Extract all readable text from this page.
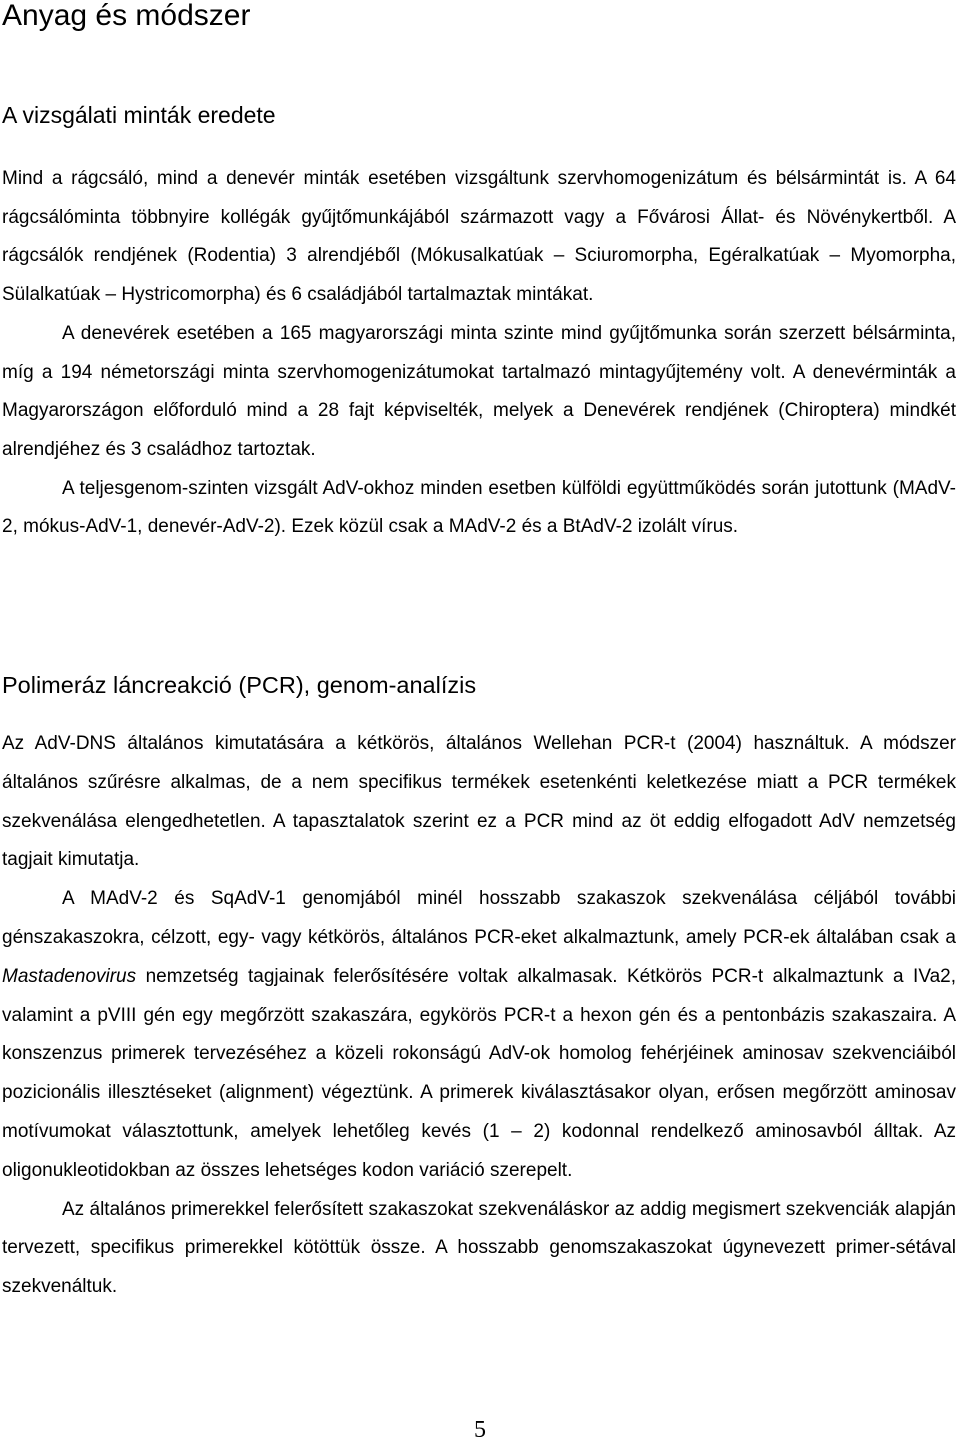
Anyag és módszer
A vizsgálati minták eredete

Mind a rágcsáló, mind a denevér minták esetében vizsgáltunk szervhomogenizátum és bélsármintát is. A 64 rágcsálóminta többnyire kollégák gyűjtőmunkájából származott vagy a Fővárosi Állat- és Növénykertből. A rágcsálók rendjének (Rodentia) 3 alrendjéből (Mókusalkatúak – Sciuromorpha, Egéralkatúak – Myomorpha, Sülalkatúak – Hystricomorpha) és 6 családjából tartalmaztak mintákat.

A denevérek esetében a 165 magyarországi minta szinte mind gyűjtőmunka során szerzett bélsárminta, míg a 194 németországi minta szervhomogenizátumokat tartalmazó mintagyűjtemény volt. A denevérminták a Magyarországon előforduló mind a 28 fajt képviselték, melyek a Denevérek rendjének (Chiroptera) mindkét alrendjéhez és 3 családhoz tartoztak.

A teljesgenom-szinten vizsgált AdV-okhoz minden esetben külföldi együttműködés során jutottunk (MAdV-2, mókus-AdV-1, denevér-AdV-2). Ezek közül csak a MAdV-2 és a BtAdV-2 izolált vírus.

Polimeráz láncreakció (PCR), genom-analízis

Az AdV-DNS általános kimutatására a kétkörös, általános Wellehan PCR-t (2004) használtuk. A módszer általános szűrésre alkalmas, de a nem specifikus termékek esetenkénti keletkezése miatt a PCR termékek szekvenálása elengedhetetlen. A tapasztalatok szerint ez a PCR mind az öt eddig elfogadott AdV nemzetség tagjait kimutatja.

A MAdV-2 és SqAdV-1 genomjából minél hosszabb szakaszok szekvenálása céljából további génszakaszokra, célzott, egy- vagy kétkörös, általános PCR-eket alkalmaztunk, amely PCR-ek általában csak a Mastadenovirus nemzetség tagjainak felerősítésére voltak alkalmasak. Kétkörös PCR-t alkalmaztunk a IVa2, valamint a pVIII gén egy megőrzött szakaszára, egykörös PCR-t a hexon gén és a pentonbázis szakaszaira. A konszenzus primerek tervezéséhez a közeli rokonságú AdV-ok homolog fehérjéinek aminosav szekvenciáiból pozicionális illesztéseket (alignment) végeztünk. A primerek kiválasztásakor olyan, erősen megőrzött aminosav motívumokat választottunk, amelyek lehetőleg kevés (1 – 2) kodonnal rendelkező aminosavból álltak. Az oligonukleotidokban az összes lehetséges kodon variáció szerepelt.

Az általános primerekkel felerősített szakaszokat szekvenáláskor az addig megismert szekvenciák alapján tervezett, specifikus primerekkel kötöttük össze. A hosszabb genomszakaszokat úgynevezett primer-sétával szekvenáltuk.

5
